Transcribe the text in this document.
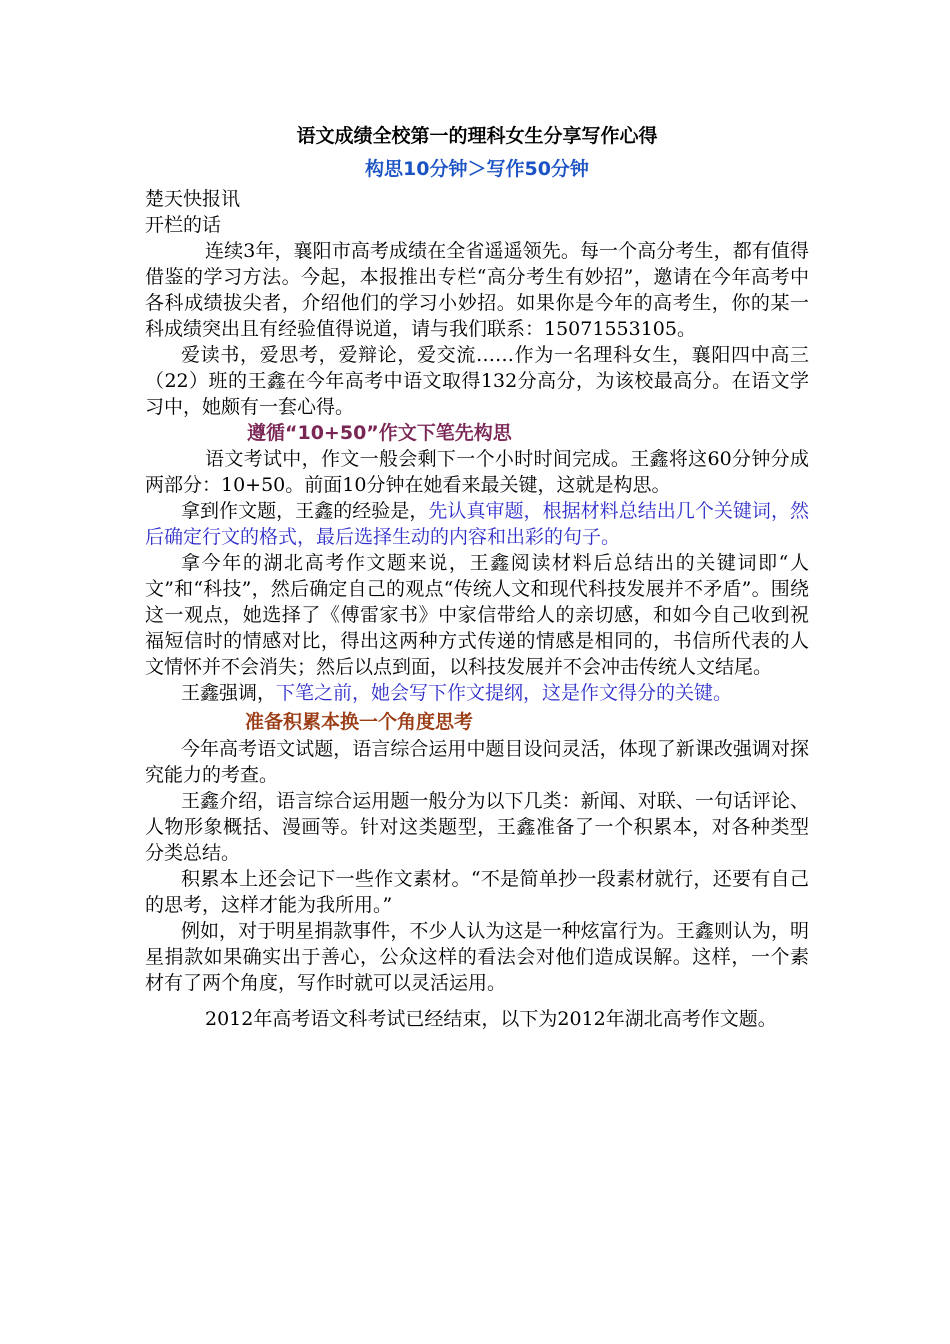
语文成绩全校第一的理科女生分享写作心得
构思10分钟＞写作50分钟
楚天快报讯
开栏的话

连续3年，襄阳市高考成绩在全省遥遥领先。每一个高分考生，都有值得借鉴的学习方法。今起，本报推出专栏“高分考生有妙招”，邀请在今年高考中各科成绩拔尖者，介绍他们的学习小妙招。如果你是今年的高考生，你的某一科成绩突出且有经验值得说道，请与我们联系：15071553105。

爱读书，爱思考，爱辩论，爱交流……作为一名理科女生，襄阳四中高三（22）班的王鑫在今年高考中语文取得132分高分，为该校最高分。在语文学习中，她颇有一套心得。

遵循“10+50”作文下笔先构思

语文考试中，作文一般会剩下一个小时时间完成。王鑫将这60分钟分成两部分：10+50。前面10分钟在她看来最关键，这就是构思。

拿到作文题，王鑫的经验是，先认真审题，根据材料总结出几个关键词，然后确定行文的格式，最后选择生动的内容和出彩的句子。

拿今年的湖北高考作文题来说，王鑫阅读材料后总结出的关键词即“人文”和“科技”，然后确定自己的观点“传统人文和现代科技发展并不矛盾”。围绕这一观点，她选择了《傅雷家书》中家信带给人的亲切感，和如今自己收到祝福短信时的情感对比，得出这两种方式传递的情感是相同的，书信所代表的人文情怀并不会消失；然后以点到面，以科技发展并不会冲击传统人文结尾。

王鑫强调，下笔之前，她会写下作文提纲，这是作文得分的关键。

准备积累本换一个角度思考

今年高考语文试题，语言综合运用中题目设问灵活，体现了新课改强调对探究能力的考查。

王鑫介绍，语言综合运用题一般分为以下几类：新闻、对联、一句话评论、人物形象概括、漫画等。针对这类题型，王鑫准备了一个积累本，对各种类型分类总结。

积累本上还会记下一些作文素材。“不是简单抄一段素材就行，还要有自己的思考，这样才能为我所用。”

例如，对于明星捐款事件，不少人认为这是一种炫富行为。王鑫则认为，明星捐款如果确实出于善心，公众这样的看法会对他们造成误解。这样，一个素材有了两个角度，写作时就可以灵活运用。

2012年高考语文科考试已经结束，以下为2012年湖北高考作文题。
